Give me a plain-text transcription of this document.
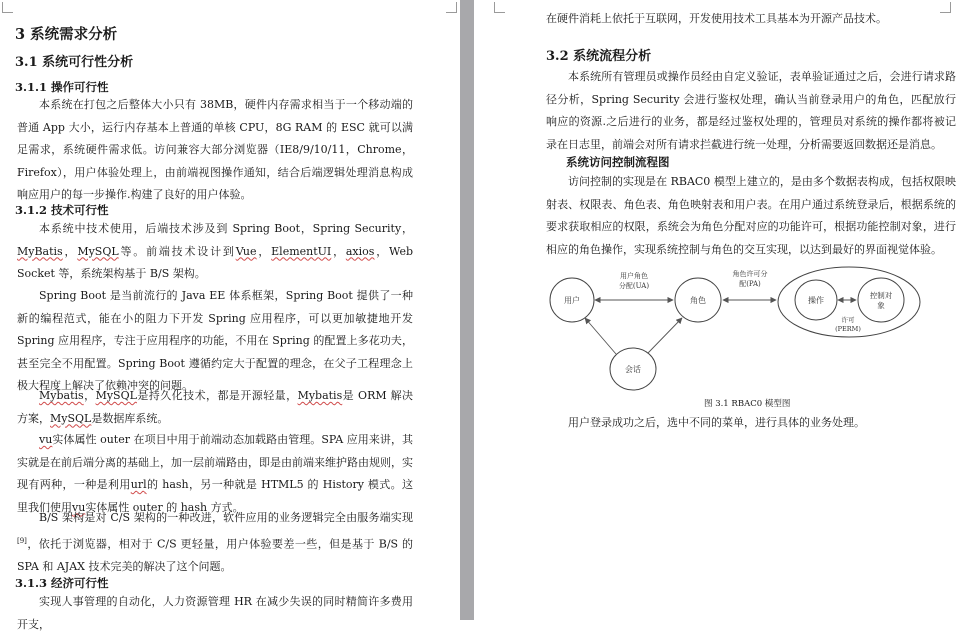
3 系统需求分析
3.1 系统可行性分析
3.1.1 操作可行性
本系统在打包之后整体大小只有 38MB，硬件内存需求相当于一个移动端的普通 App 大小，运行内存基本上普通的单核 CPU，8G RAM 的 ESC 就可以满足需求，系统硬件需求低。访问兼容大部分浏览器（IE8/9/10/11，Chrome，Firefox），用户体验处理上，由前端视图操作通知，结合后端逻辑处理消息构成响应用户的每一步操作.构建了良好的用户体验。
3.1.2 技术可行性
本系统中技术使用，后端技术涉及到 Spring Boot，Spring Security，MyBatis，MySQL等。前端技术设计到Vue，ElementUI，axios，Web Socket 等，系统架构基于 B/S 架构。
Spring Boot 是当前流行的 Java EE 体系框架，Spring Boot 提供了一种新的编程范式，能在小的阻力下开发 Spring 应用程序，可以更加敏捷地开发 Spring 应用程序，专注于应用程序的功能，不用在 Spring 的配置上多花功夫，甚至完全不用配置。Spring Boot 遵循约定大于配置的理念，在父子工程理念上极大程度上解决了依赖冲突的问题。
Mybatis，MySQL是持久化技术，都是开源轻量，Mybatis是 ORM 解决方案，MySQL是数据库系统。
vu实体属性 outer 在项目中用于前端动态加载路由管理。SPA 应用来讲，其实就是在前后端分离的基础上，加一层前端路由，即是由前端来维护路由规则，实现有两种，一种是利用url的 hash，另一种就是 HTML5 的 History 模式。这里我们使用vu实体属性 outer 的 hash 方式。
B/S 架构是对 C/S 架构的一种改进，软件应用的业务逻辑完全由服务端实现[9]，依托于浏览器，相对于 C/S 更轻量，用户体验要差一些，但是基于 B/S 的 SPA 和 AJAX 技术完美的解决了这个问题。
3.1.3 经济可行性
实现人事管理的自动化，人力资源管理 HR 在减少失误的同时精简许多费用开支，
在硬件消耗上依托于互联网，开发使用技术工具基本为开源产品技术。
3.2 系统流程分析
本系统所有管理员或操作员经由自定义验证，表单验证通过之后，会进行请求路径分析，Spring Security 会进行鉴权处理，确认当前登录用户的角色，匹配放行响应的资源.之后进行的业务，都是经过鉴权处理的，管理员对系统的操作都将被记录在日志里，前端会对所有请求拦截进行统一处理，分析需要返回数据还是消息。
系统访问控制流程图
访问控制的实现是在 RBAC0 模型上建立的，是由多个数据表构成，包括权限映射表、权限表、角色表、角色映射表和用户表。在用户通过系统登录后，根据系统的要求获取相应的权限，系统会为角色分配对应的功能许可，根据功能控制对象，进行相应的角色操作，实现系统控制与角色的交互实现，以达到最好的界面视觉体验。
用户	角色
会话
操作
控制对
象
用户角色
分配(UA)
角色许可分
配(PA)
许可
(PERM)
图 3.1 RBAC0 模型图
用户登录成功之后，选中不同的菜单，进行具体的业务处理。
